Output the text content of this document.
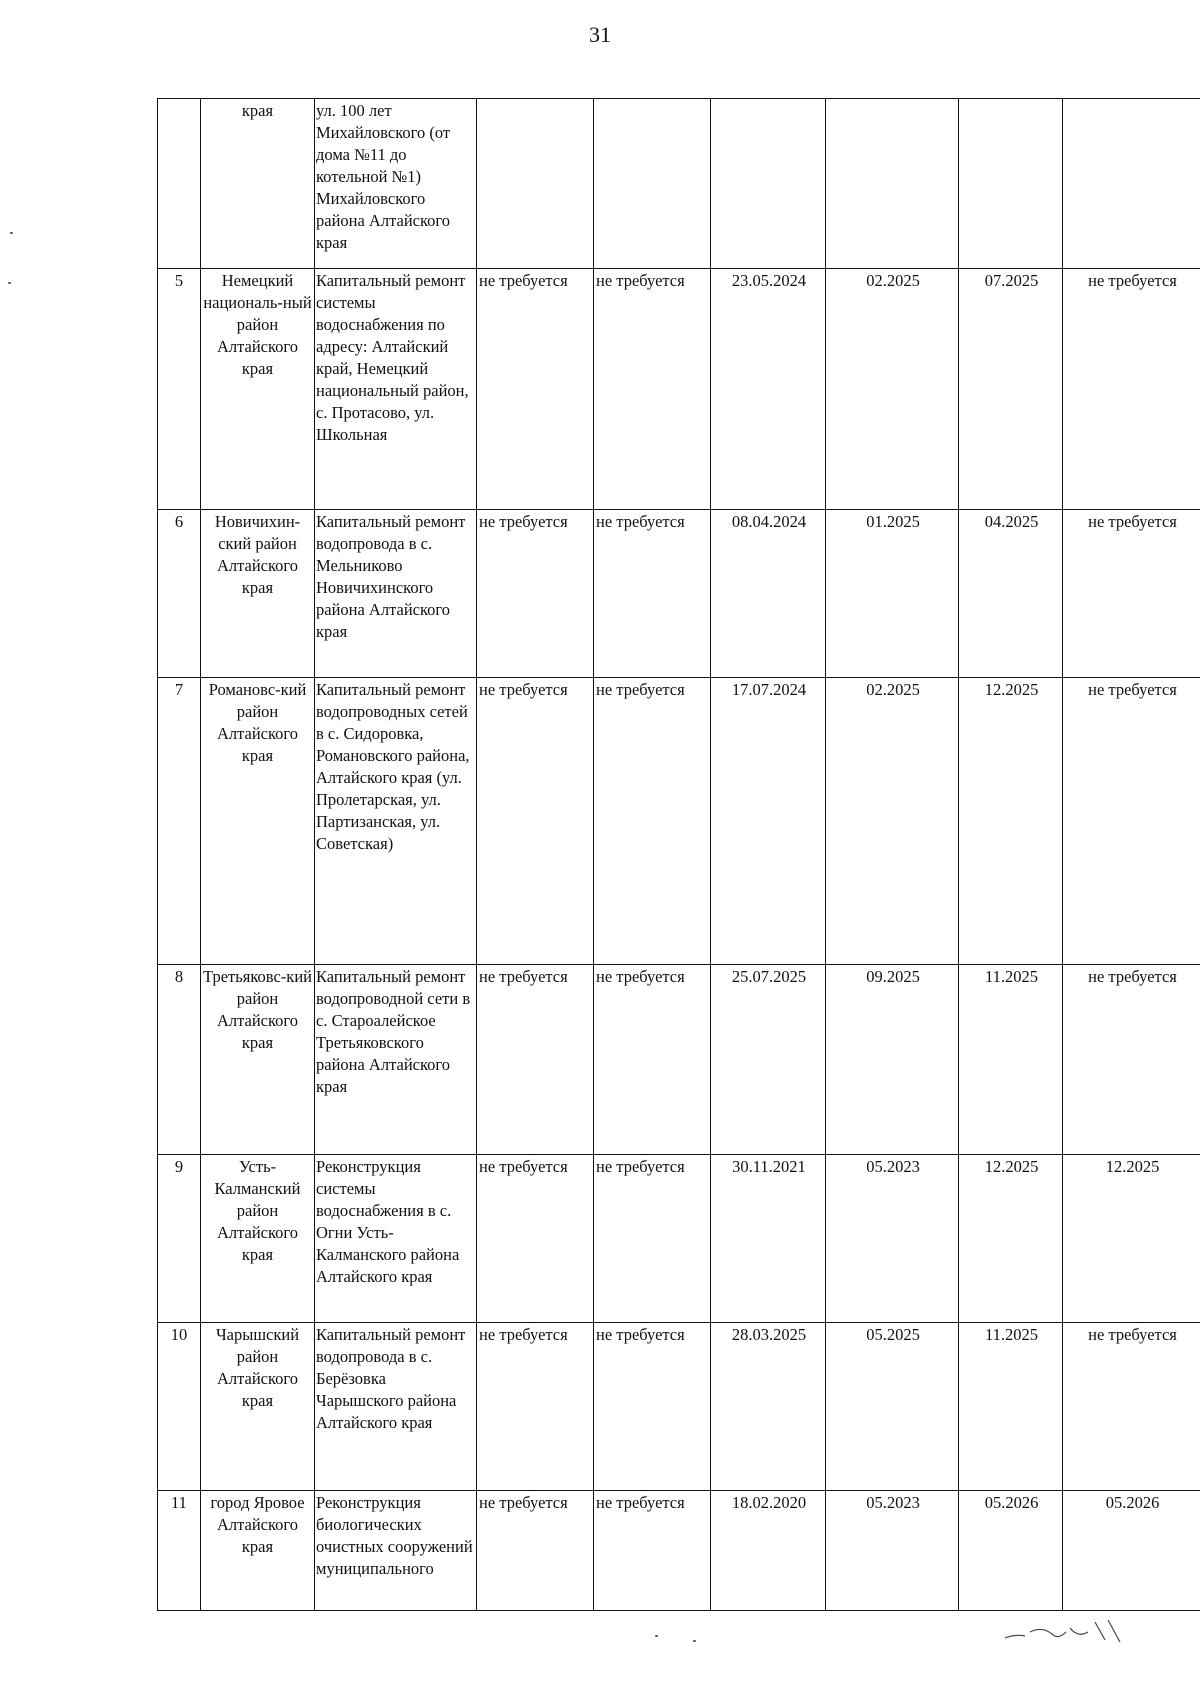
31
	края	ул. 100 лет Михайловского (от дома №11 до котельной №1) Михайловского района Алтайского края						
5	Немецкий националь-ный район Алтайского края	Капитальный ремонт системы водоснабжения по адресу: Алтайский край, Немецкий национальный район, с. Протасово, ул. Школьная	не требуется	не требуется	23.05.2024	02.2025	07.2025	не требуется
6	Новичихин-ский район Алтайского края	Капитальный ремонт водопровода в с. Мельниково Новичихинского района Алтайского края	не требуется	не требуется	08.04.2024	01.2025	04.2025	не требуется
7	Романовс-кий район Алтайского края	Капитальный ремонт водопроводных сетей в с. Сидоровка, Романовского района, Алтайского края (ул. Пролетарская, ул. Партизанская, ул. Советская)	не требуется	не требуется	17.07.2024	02.2025	12.2025	не требуется
8	Третьяковс-кий район Алтайского края	Капитальный ремонт водопроводной сети в с. Староалейское Третьяковского района Алтайского края	не требуется	не требуется	25.07.2025	09.2025	11.2025	не требуется
9	Усть-Калманский район Алтайского края	Реконструкция системы водоснабжения в с. Огни Усть-Калманского района Алтайского края	не требуется	не требуется	30.11.2021	05.2023	12.2025	12.2025
10	Чарышский район Алтайского края	Капитальный ремонт водопровода в с. Берёзовка Чарышского района Алтайского края	не требуется	не требуется	28.03.2025	05.2025	11.2025	не требуется
11	город Яровое Алтайского края	Реконструкция биологических очистных сооружений муниципального	не требуется	не требуется	18.02.2020	05.2023	05.2026	05.2026
